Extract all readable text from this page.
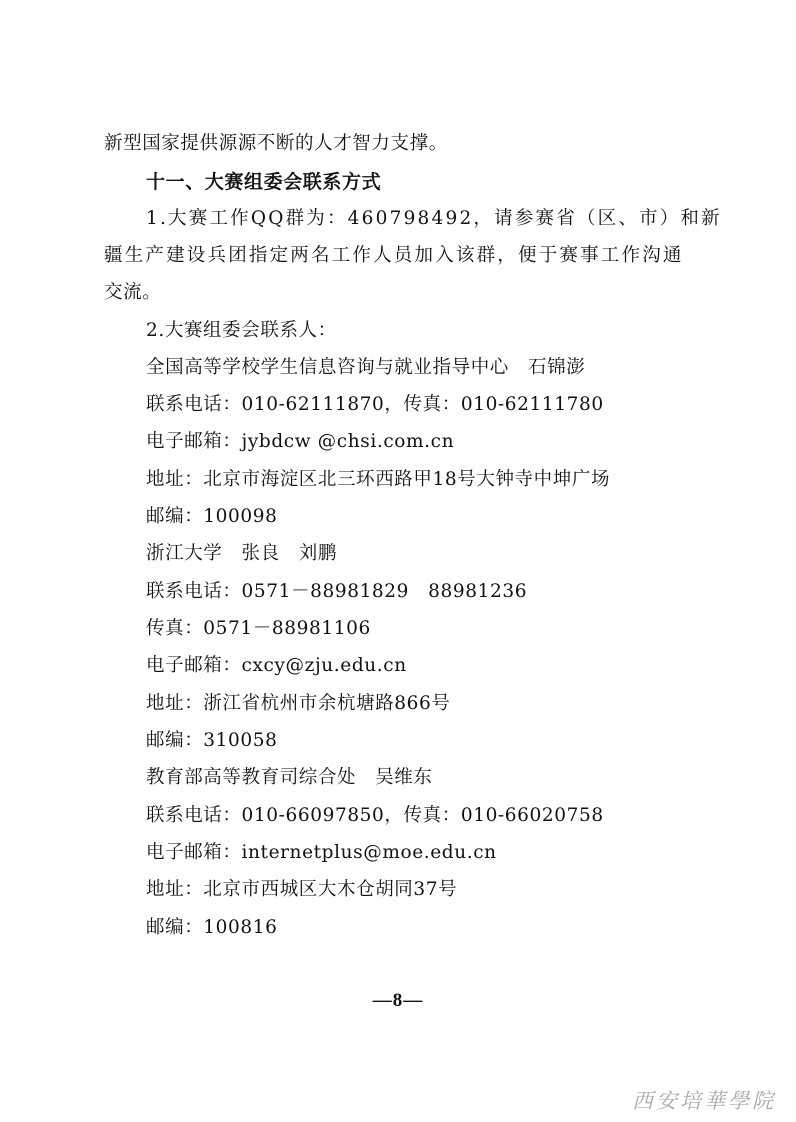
新型国家提供源源不断的人才智力支撑。
十一、大赛组委会联系方式
1.大赛工作QQ群为：460798492，请参赛省（区、市）和新
疆生产建设兵团指定两名工作人员加入该群，便于赛事工作沟通
交流。
2.大赛组委会联系人：
全国高等学校学生信息咨询与就业指导中心　石锦澎
联系电话：010-62111870，传真：010-62111780
电子邮箱：jybdcw @chsi.com.cn
地址：北京市海淀区北三环西路甲18号大钟寺中坤广场
邮编：100098
浙江大学　张良　刘鹏
联系电话：0571－88981829　88981236
传真：0571－88981106
电子邮箱：cxcy@zju.edu.cn
地址：浙江省杭州市余杭塘路866号
邮编：310058
教育部高等教育司综合处　吴维东
联系电话：010-66097850，传真：010-66020758
电子邮箱：internetplus@moe.edu.cn
地址：北京市西城区大木仓胡同37号
邮编：100816
—8—
西安培華學院
